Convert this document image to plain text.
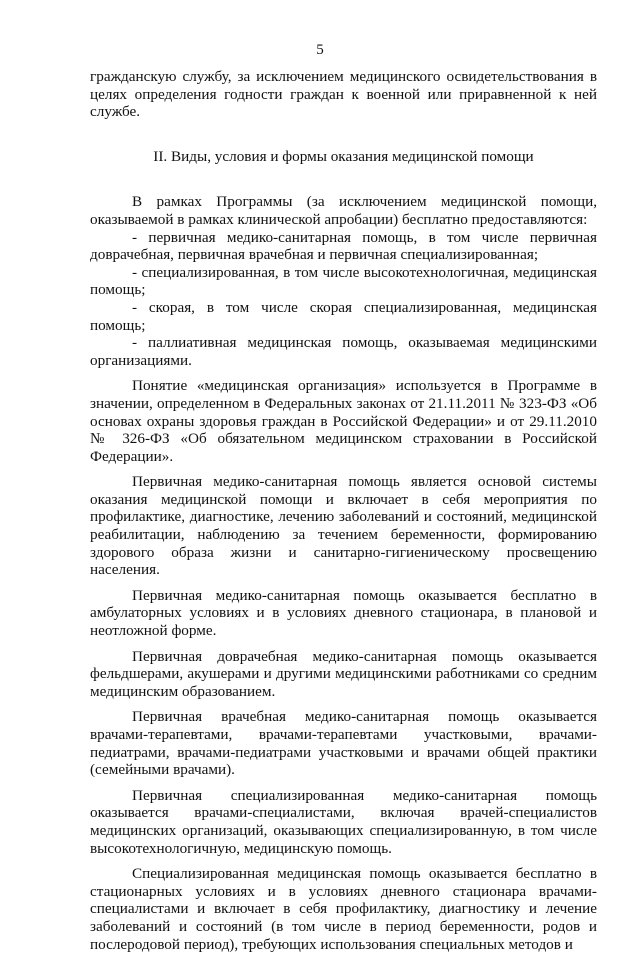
5

гражданскую службу, за исключением медицинского освидетельствования в целях определения годности граждан к военной или приравненной к ней службе.

II. Виды, условия и формы оказания медицинской помощи

В рамках Программы (за исключением медицинской помощи, оказываемой в рамках клинической апробации) бесплатно предоставляются:

- первичная медико-санитарная помощь, в том числе первичная доврачебная, первичная врачебная и первичная специализированная;

- специализированная, в том числе высокотехнологичная, медицинская помощь;

- скорая, в том числе скорая специализированная, медицинская помощь;

- паллиативная медицинская помощь, оказываемая медицинскими организациями.

Понятие «медицинская организация» используется в Программе в значении, определенном в Федеральных законах от 21.11.2011 № 323-ФЗ «Об основах охраны здоровья граждан в Российской Федерации» и от 29.11.2010 № 326-ФЗ «Об обязательном медицинском страховании в Российской Федерации».

Первичная медико-санитарная помощь является основой системы оказания медицинской помощи и включает в себя мероприятия по профилактике, диагностике, лечению заболеваний и состояний, медицинской реабилитации, наблюдению за течением беременности, формированию здорового образа жизни и санитарно-гигиеническому просвещению населения.

Первичная медико-санитарная помощь оказывается бесплатно в амбулаторных условиях и в условиях дневного стационара, в плановой и неотложной форме.

Первичная доврачебная медико-санитарная помощь оказывается фельдшерами, акушерами и другими медицинскими работниками со средним медицинским образованием.

Первичная врачебная медико-санитарная помощь оказывается врачами-терапевтами, врачами-терапевтами участковыми, врачами-педиатрами, врачами-педиатрами участковыми и врачами общей практики (семейными врачами).

Первичная специализированная медико-санитарная помощь оказывается врачами-специалистами, включая врачей-специалистов медицинских организаций, оказывающих специализированную, в том числе высокотехнологичную, медицинскую помощь.

Специализированная медицинская помощь оказывается бесплатно в стационарных условиях и в условиях дневного стационара врачами-специалистами и включает в себя профилактику, диагностику и лечение заболеваний и состояний (в том числе в период беременности, родов и послеродовой период), требующих использования специальных методов и
